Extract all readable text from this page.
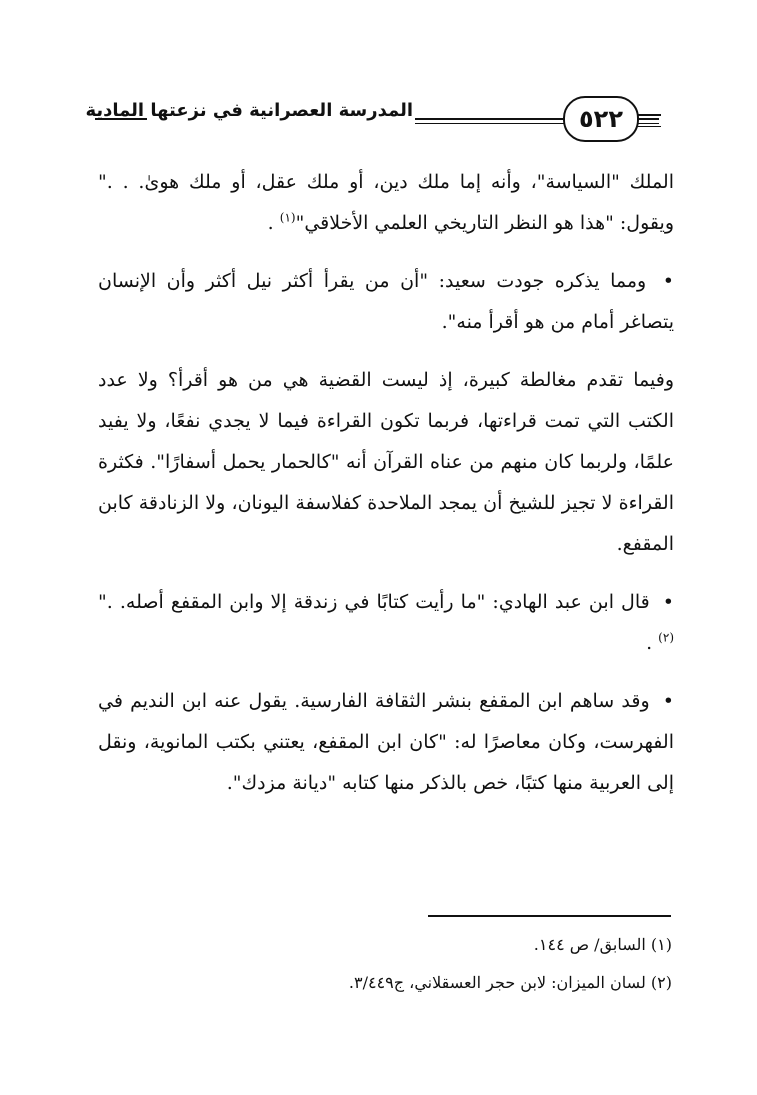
المدرسة العصرانية في نزعتها المادية	٥٢٢

الملك "السياسة"، وأنه إما ملك دين، أو ملك عقل، أو ملك هوىٰ. . ." ويقول: "هذا هو النظر التاريخي العلمي الأخلاقي"$^{(١)}$ .

• ومما يذكره جودت سعيد: "أن من يقرأ أكثر نيل أكثر وأن الإنسان يتصاغر أمام من هو أقرأ منه".

وفيما تقدم مغالطة كبيرة، إذ ليست القضية هي من هو أقرأ؟ ولا عدد الكتب التي تمت قراءتها، فربما تكون القراءة فيما لا يجدي نفعًا، ولا يفيد علمًا، ولربما كان منهم من عناه القرآن أنه "كالحمار يحمل أسفارًا". فكثرة القراءة لا تجيز للشيخ أن يمجد الملاحدة كفلاسفة اليونان، ولا الزنادقة كابن المقفع.

• قال ابن عبد الهادي: "ما رأيت كتابًا في زندقة إلا وابن المقفع أصله. ."$^{(٢)}$ .

• وقد ساهم ابن المقفع بنشر الثقافة الفارسية. يقول عنه ابن النديم في الفهرست، وكان معاصرًا له: "كان ابن المقفع، يعتني بكتب المانوية، ونقل إلى العربية منها كتبًا، خص بالذكر منها كتابه "ديانة مزدك".

(١) السابق/ ص ١٤٤.

(٢) لسان الميزان: لابن حجر العسقلاني، ج٣/٤٤٩.
